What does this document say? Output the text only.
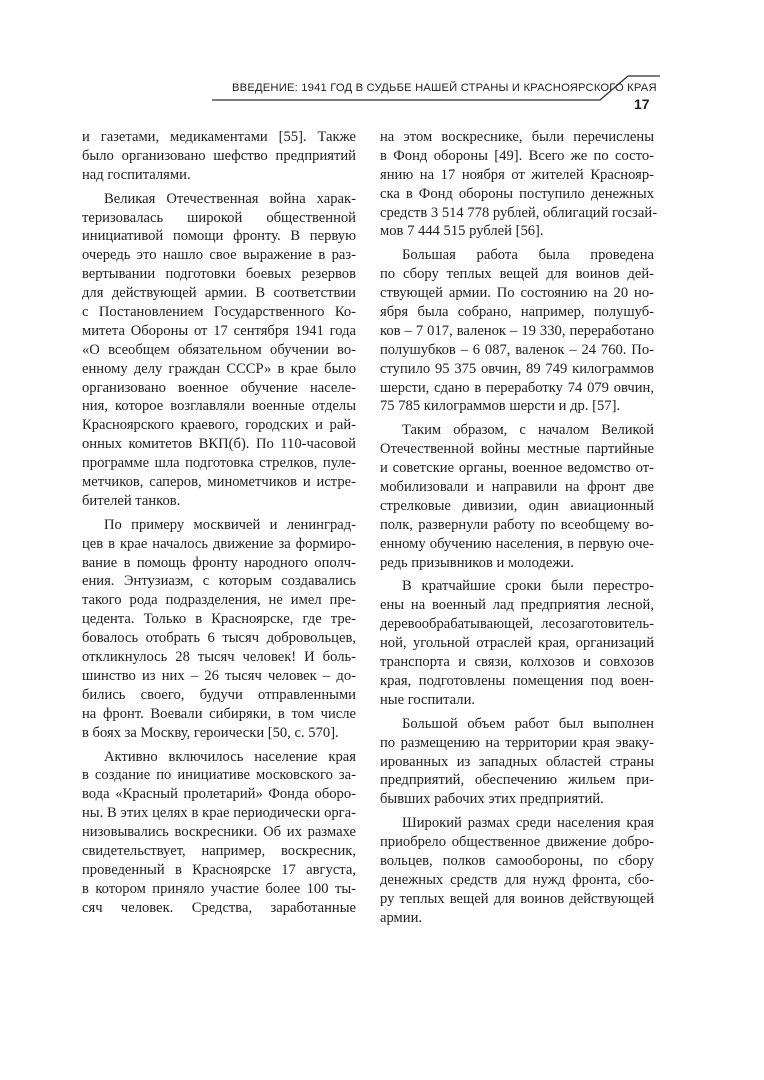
ВВЕДЕНИЕ: 1941 ГОД В СУДЬБЕ НАШЕЙ СТРАНЫ И КРАСНОЯРСКОГО КРАЯ
17
и газетами, медикаментами [55]. Также
было организовано шефство предприятий
над госпиталями.
Великая Отечественная война харак-
теризовалась широкой общественной
инициативой помощи фронту. В первую
очередь это нашло свое выражение в раз-
вертывании подготовки боевых резервов
для действующей армии. В соответствии
с Постановлением Государственного Ко-
митета Обороны от 17 сентября 1941 года
«О всеобщем обязательном обучении во-
енному делу граждан СССР» в крае было
организовано военное обучение населе-
ния, которое возглавляли военные отделы
Красноярского краевого, городских и рай-
онных комитетов ВКП(б). По 110-часовой
программе шла подготовка стрелков, пуле-
метчиков, саперов, минометчиков и истре-
бителей танков.
По примеру москвичей и ленинград-
цев в крае началось движение за формиро-
вание в помощь фронту народного ополч-
ения. Энтузиазм, с которым создавались
такого рода подразделения, не имел пре-
цедента. Только в Красноярске, где тре-
бовалось отобрать 6 тысяч добровольцев,
откликнулось 28 тысяч человек! И боль-
шинство из них – 26 тысяч человек – до-
бились своего, будучи отправленными
на фронт. Воевали сибиряки, в том числе
в боях за Москву, героически [50, с. 570].
Активно включилось население края
в создание по инициативе московского за-
вода «Красный пролетарий» Фонда оборо-
ны. В этих целях в крае периодически орга-
низовывались воскресники. Об их размахе
свидетельствует, например, воскресник,
проведенный в Красноярске 17 августа,
в котором приняло участие более 100 ты-
сяч человек. Средства, заработанные
на этом воскреснике, были перечислены
в Фонд обороны [49]. Всего же по состо-
янию на 17 ноября от жителей Краснояр-
ска в Фонд обороны поступило денежных
средств 3 514 778 рублей, облигаций госзай-
мов 7 444 515 рублей [56].
Большая работа была проведена
по сбору теплых вещей для воинов дей-
ствующей армии. По состоянию на 20 но-
ября была собрано, например, полушуб-
ков – 7 017, валенок – 19 330, переработано
полушубков – 6 087, валенок – 24 760. По-
ступило 95 375 овчин, 89 749 килограммов
шерсти, сдано в переработку 74 079 овчин,
75 785 килограммов шерсти и др. [57].
Таким образом, с началом Великой
Отечественной войны местные партийные
и советские органы, военное ведомство от-
мобилизовали и направили на фронт две
стрелковые дивизии, один авиационный
полк, развернули работу по всеобщему во-
енному обучению населения, в первую оче-
редь призывников и молодежи.
В кратчайшие сроки были перестро-
ены на военный лад предприятия лесной,
деревообрабатывающей, лесозаготовитель-
ной, угольной отраслей края, организаций
транспорта и связи, колхозов и совхозов
края, подготовлены помещения под воен-
ные госпитали.
Большой объем работ был выполнен
по размещению на территории края эваку-
ированных из западных областей страны
предприятий, обеспечению жильем при-
бывших рабочих этих предприятий.
Широкий размах среди населения края
приобрело общественное движение добро-
вольцев, полков самообороны, по сбору
денежных средств для нужд фронта, сбо-
ру теплых вещей для воинов действующей
армии.
